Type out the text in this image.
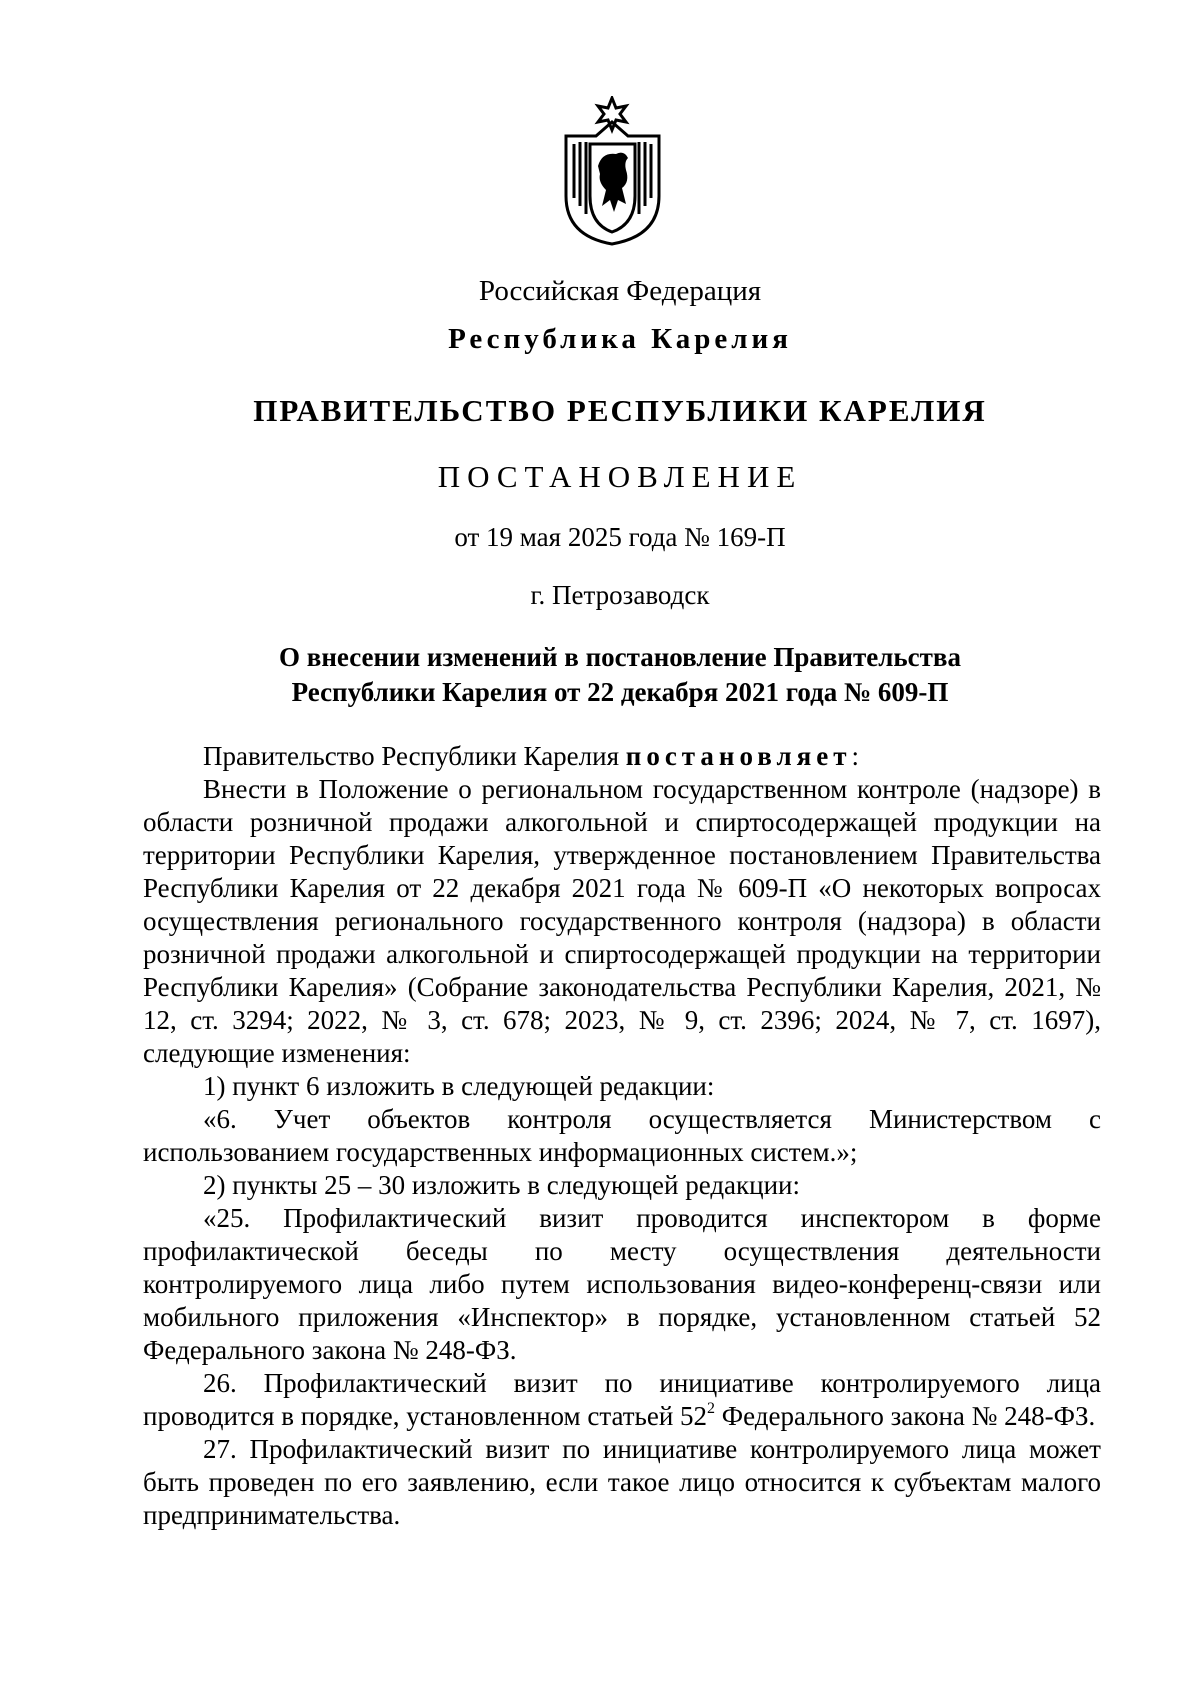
Российская Федерация
Республика Карелия
ПРАВИТЕЛЬСТВО РЕСПУБЛИКИ КАРЕЛИЯ
ПОСТАНОВЛЕНИЕ
от 19 мая 2025 года № 169-П
г. Петрозаводск
О внесении изменений в постановление Правительства
Республики Карелия от 22 декабря 2021 года № 609-П

Правительство Республики Карелия постановляет:

Внести в Положение о региональном государственном контроле (надзоре) в области розничной продажи алкогольной и спиртосодержащей продукции на территории Республики Карелия, утвержденное постановлением Правительства Республики Карелия от 22 декабря 2021 года № 609-П «О некоторых вопросах осуществления регионального государственного контроля (надзора) в области розничной продажи алкогольной и спиртосодержащей продукции на территории Республики Карелия» (Собрание законодательства Республики Карелия, 2021, № 12, ст. 3294; 2022, № 3, ст. 678; 2023, № 9, ст. 2396; 2024, № 7, ст. 1697), следующие изменения:

1) пункт 6 изложить в следующей редакции:

«6. Учет объектов контроля осуществляется Министерством с использованием государственных информационных систем.»;

2) пункты 25 – 30 изложить в следующей редакции:

«25. Профилактический визит проводится инспектором в форме профилактической беседы по месту осуществления деятельности контролируемого лица либо путем использования видео-конференц-связи или мобильного приложения «Инспектор» в порядке, установленном статьей 52 Федерального закона № 248-ФЗ.

26. Профилактический визит по инициативе контролируемого лица проводится в порядке, установленном статьей $52^2$ Федерального закона № 248-ФЗ.

27. Профилактический визит по инициативе контролируемого лица может быть проведен по его заявлению, если такое лицо относится к субъектам малого предпринимательства.
